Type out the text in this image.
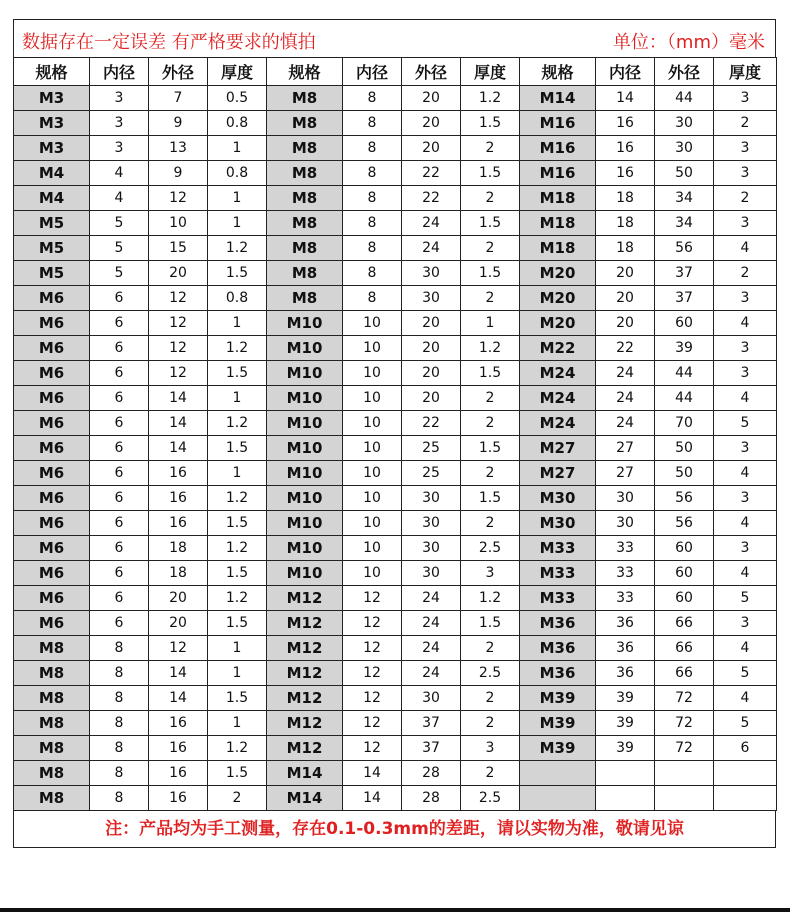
数据存在一定误差 有严格要求的慎拍	单位：（mm）毫米
规格	内径	外径	厚度	规格	内径	外径	厚度	规格	内径	外径	厚度
M3	3	7	0.5	M8	8	20	1.2	M14	14	44	3
M3	3	9	0.8	M8	8	20	1.5	M16	16	30	2
M3	3	13	1	M8	8	20	2	M16	16	30	3
M4	4	9	0.8	M8	8	22	1.5	M16	16	50	3
M4	4	12	1	M8	8	22	2	M18	18	34	2
M5	5	10	1	M8	8	24	1.5	M18	18	34	3
M5	5	15	1.2	M8	8	24	2	M18	18	56	4
M5	5	20	1.5	M8	8	30	1.5	M20	20	37	2
M6	6	12	0.8	M8	8	30	2	M20	20	37	3
M6	6	12	1	M10	10	20	1	M20	20	60	4
M6	6	12	1.2	M10	10	20	1.2	M22	22	39	3
M6	6	12	1.5	M10	10	20	1.5	M24	24	44	3
M6	6	14	1	M10	10	20	2	M24	24	44	4
M6	6	14	1.2	M10	10	22	2	M24	24	70	5
M6	6	14	1.5	M10	10	25	1.5	M27	27	50	3
M6	6	16	1	M10	10	25	2	M27	27	50	4
M6	6	16	1.2	M10	10	30	1.5	M30	30	56	3
M6	6	16	1.5	M10	10	30	2	M30	30	56	4
M6	6	18	1.2	M10	10	30	2.5	M33	33	60	3
M6	6	18	1.5	M10	10	30	3	M33	33	60	4
M6	6	20	1.2	M12	12	24	1.2	M33	33	60	5
M6	6	20	1.5	M12	12	24	1.5	M36	36	66	3
M8	8	12	1	M12	12	24	2	M36	36	66	4
M8	8	14	1	M12	12	24	2.5	M36	36	66	5
M8	8	14	1.5	M12	12	30	2	M39	39	72	4
M8	8	16	1	M12	12	37	2	M39	39	72	5
M8	8	16	1.2	M12	12	37	3	M39	39	72	6
M8	8	16	1.5	M14	14	28	2				
M8	8	16	2	M14	14	28	2.5				
注：产品均为手工测量，存在0.1-0.3mm的差距，请以实物为准，敬请见谅
